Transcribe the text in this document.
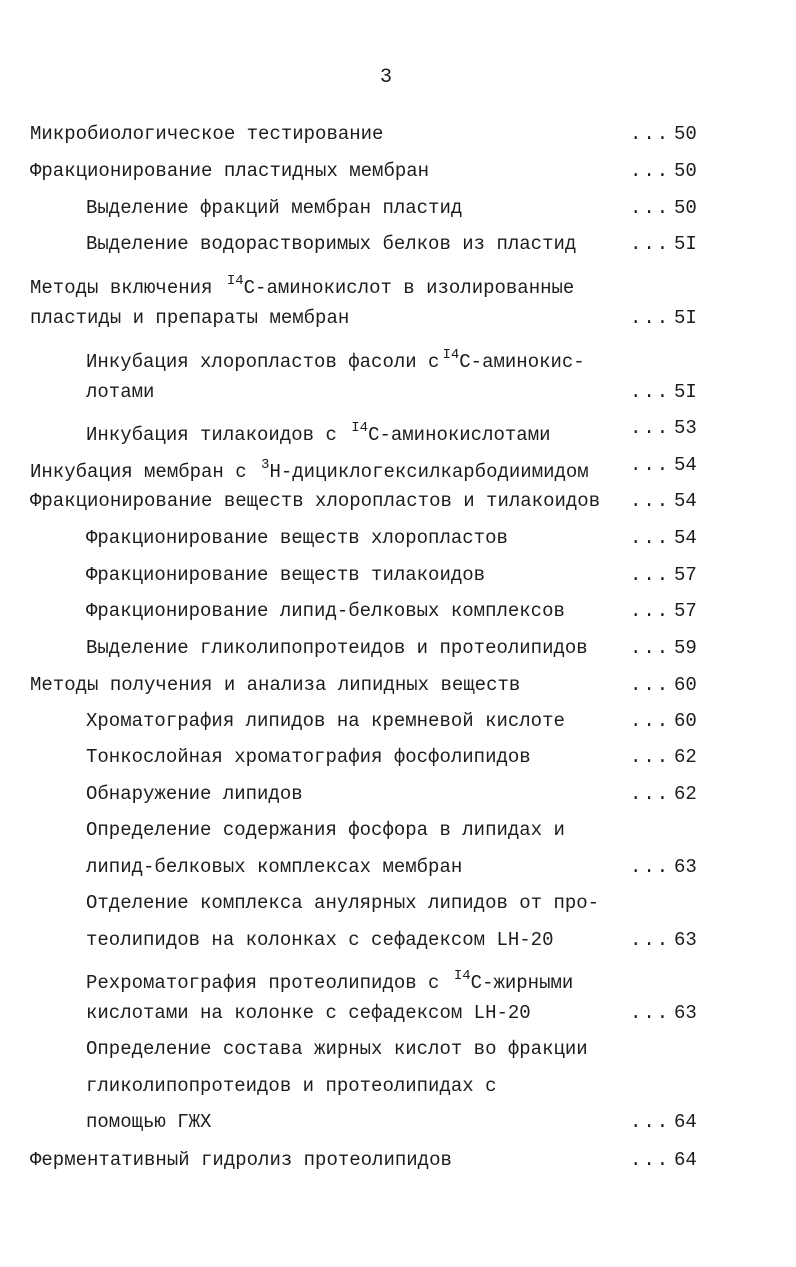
3
Микробиологическое тестирование	... 50
Фракционирование пластидных мембран	... 50
Выделение фракций мембран пластид	... 50
Выделение водорастворимых белков из пластид	... 5I
Методы включения $^{I4}$С-аминокислот в изолированные
пластиды и препараты мембран	... 5I
Инкубация хлоропластов фасоли с $^{I4}$С-аминокис-
лотами	... 5I
Инкубация тилакоидов с $^{I4}$С-аминокислотами	... 53
Инкубация мембран с $^3$Н-дициклогексилкарбодиимидом ... 54
Фракционирование веществ хлоропластов и тилакоидов ... 54
Фракционирование веществ хлоропластов	... 54
Фракционирование веществ тилакоидов	... 57
Фракционирование липид-белковых комплексов	... 57
Выделение гликолипопротеидов и протеолипидов ... 59
Методы получения и анализа липидных веществ	... 60
Хроматография липидов на кремневой кислоте	... 60
Тонкослойная хроматография фосфолипидов	... 62
Обнаружение липидов	... 62
Определение содержания фосфора в липидах и
липид-белковых комплексах мембран	... 63
Отделение комплекса анулярных липидов от про-
теолипидов на колонках с сефадексом LH-20	... 63
Рехроматография протеолипидов с $^{I4}$С-жирными
кислотами на колонке с сефадексом LH-20	... 63
Определение состава жирных кислот во фракции
гликолипопротеидов и протеолипидах с
помощью ГЖХ	... 64
Ферментативный гидролиз протеолипидов	... 64
